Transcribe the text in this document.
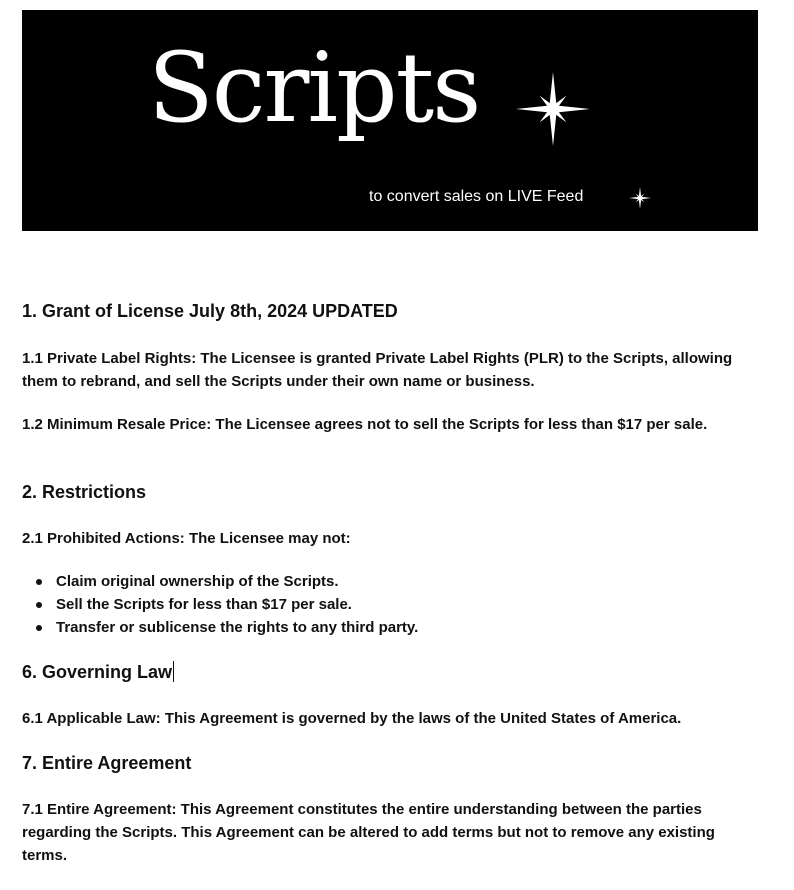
Scripts
to convert sales on LIVE Feed
1. Grant of License July 8th, 2024 UPDATED

1.1 Private Label Rights: The Licensee is granted Private Label Rights (PLR) to the Scripts, allowing them to rebrand, and sell the Scripts under their own name or business.

1.2 Minimum Resale Price: The Licensee agrees not to sell the Scripts for less than $17 per sale.

2. Restrictions

2.1 Prohibited Actions: The Licensee may not:

Claim original ownership of the Scripts.
Sell the Scripts for less than $17 per sale.
Transfer or sublicense the rights to any third party.
6. Governing Law

6.1 Applicable Law: This Agreement is governed by the laws of the United States of America.

7. Entire Agreement

7.1 Entire Agreement: This Agreement constitutes the entire understanding between the parties regarding the Scripts. This Agreement can be altered to add terms but not to remove any existing terms.
